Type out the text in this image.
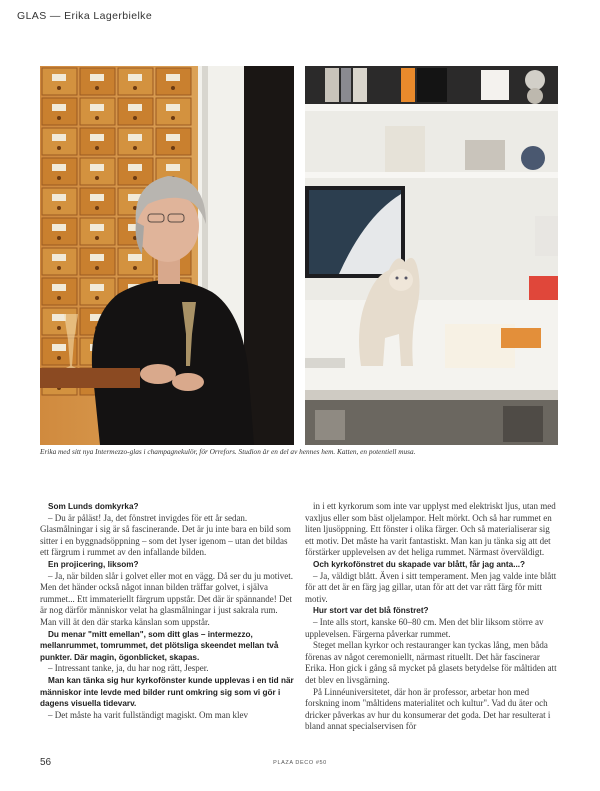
GLAS — Erika Lagerbielke
Erika med sitt nya Intermezzo-glas i champagnekulör, för Orrefors. Studion är en del av hennes hem. Katten, en potentiell musa.

Som Lunds domkyrka?

– Du är påläst! Ja, det fönstret invigdes för ett år sedan. Glasmålningar i sig är så fascinerande. Det är ju inte bara en bild som sitter i en byggnadsöppning – som det lyser igenom – utan det bildas ett färgrum i rummet av den infallande bilden.

En projicering, liksom?

– Ja, när bilden slår i golvet eller mot en vägg. Då ser du ju motivet. Men det händer också något innan bilden träffar golvet, i själva rummet... Ett immateriellt färgrum uppstår. Det där är spännande! Det är nog därför människor velat ha glasmålningar i just sakrala rum. Man vill ät den där starka känslan som uppstår.

Du menar "mitt emellan", som ditt glas – intermezzo, mellanrummet, tomrummet, det plötsliga skeendet mellan två punkter. Där magin, ögonblicket, skapas.

– Intressant tanke, ja, du har nog rätt, Jesper.

Man kan tänka sig hur kyrkofönster kunde upplevas i en tid när människor inte levde med bilder runt omkring sig som vi gör i dagens visuella tidevarv.

– Det måste ha varit fullständigt magiskt. Om man klev

in i ett kyrkorum som inte var upplyst med elektriskt ljus, utan med vaxljus eller som bäst oljelampor. Helt mörkt. Och så har rummet en liten ljusöppning. Ett fönster i olika färger. Och så materialiserar sig ett motiv. Det måste ha varit fantastiskt. Man kan ju tänka sig att det förstärker upplevelsen av det heliga rummet. Närmast överväldigt.

Och kyrkofönstret du skapade var blått, får jag anta...?

– Ja, väldigt blått. Även i sitt temperament. Men jag valde inte blått för att det är en färg jag gillar, utan för att det var rätt färg för mitt motiv.

Hur stort var det blå fönstret?

– Inte alls stort, kanske 60–80 cm. Men det blir liksom större av upplevelsen. Färgerna påverkar rummet.

Steget mellan kyrkor och restauranger kan tyckas lång, men båda förenas av något ceremoniellt, närmast rituellt. Det här fascinerar Erika. Hon gick i gång så mycket på glasets betydelse för måltiden att det blev en livsgärning.

På Linnéuniversitetet, där hon är professor, arbetar hon med forskning inom "måltidens materialitet och kultur". Vad du äter och dricker påverkas av hur du konsumerar det goda. Det har resulterat i bland annat specialservisen för

56	PLAZA DECO #50
